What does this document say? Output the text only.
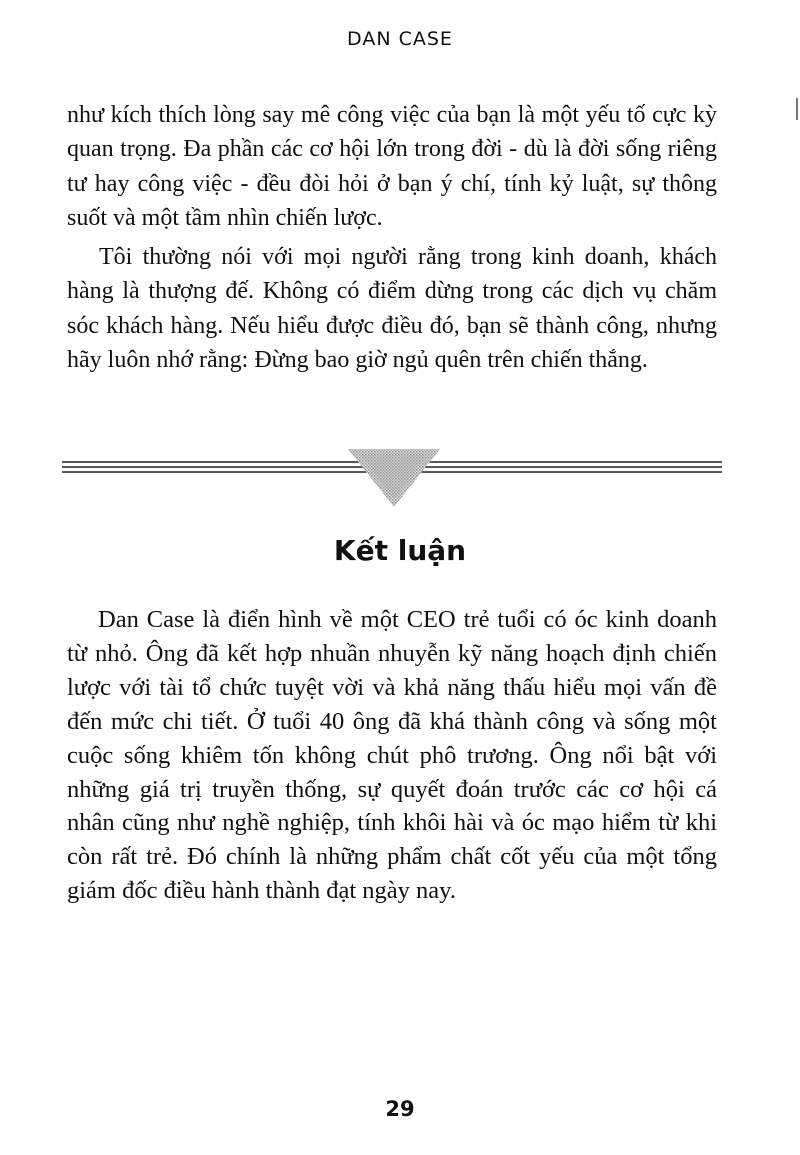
DAN CASE

như kích thích lòng say mê công việc của bạn là một yếu tố cực kỳ quan trọng. Đa phần các cơ hội lớn trong đời - dù là đời sống riêng tư hay công việc - đều đòi hỏi ở bạn ý chí, tính kỷ luật, sự thông suốt và một tầm nhìn chiến lược.

Tôi thường nói với mọi người rằng trong kinh doanh, khách hàng là thượng đế. Không có điểm dừng trong các dịch vụ chăm sóc khách hàng. Nếu hiểu được điều đó, bạn sẽ thành công, nhưng hãy luôn nhớ rằng: Đừng bao giờ ngủ quên trên chiến thắng.

Kết luận

Dan Case là điển hình về một CEO trẻ tuổi có óc kinh doanh từ nhỏ. Ông đã kết hợp nhuần nhuyễn kỹ năng hoạch định chiến lược với tài tổ chức tuyệt vời và khả năng thấu hiểu mọi vấn đề đến mức chi tiết. Ở tuổi 40 ông đã khá thành công và sống một cuộc sống khiêm tốn không chút phô trương. Ông nổi bật với những giá trị truyền thống, sự quyết đoán trước các cơ hội cá nhân cũng như nghề nghiệp, tính khôi hài và óc mạo hiểm từ khi còn rất trẻ. Đó chính là những phẩm chất cốt yếu của một tổng giám đốc điều hành thành đạt ngày nay.

29
